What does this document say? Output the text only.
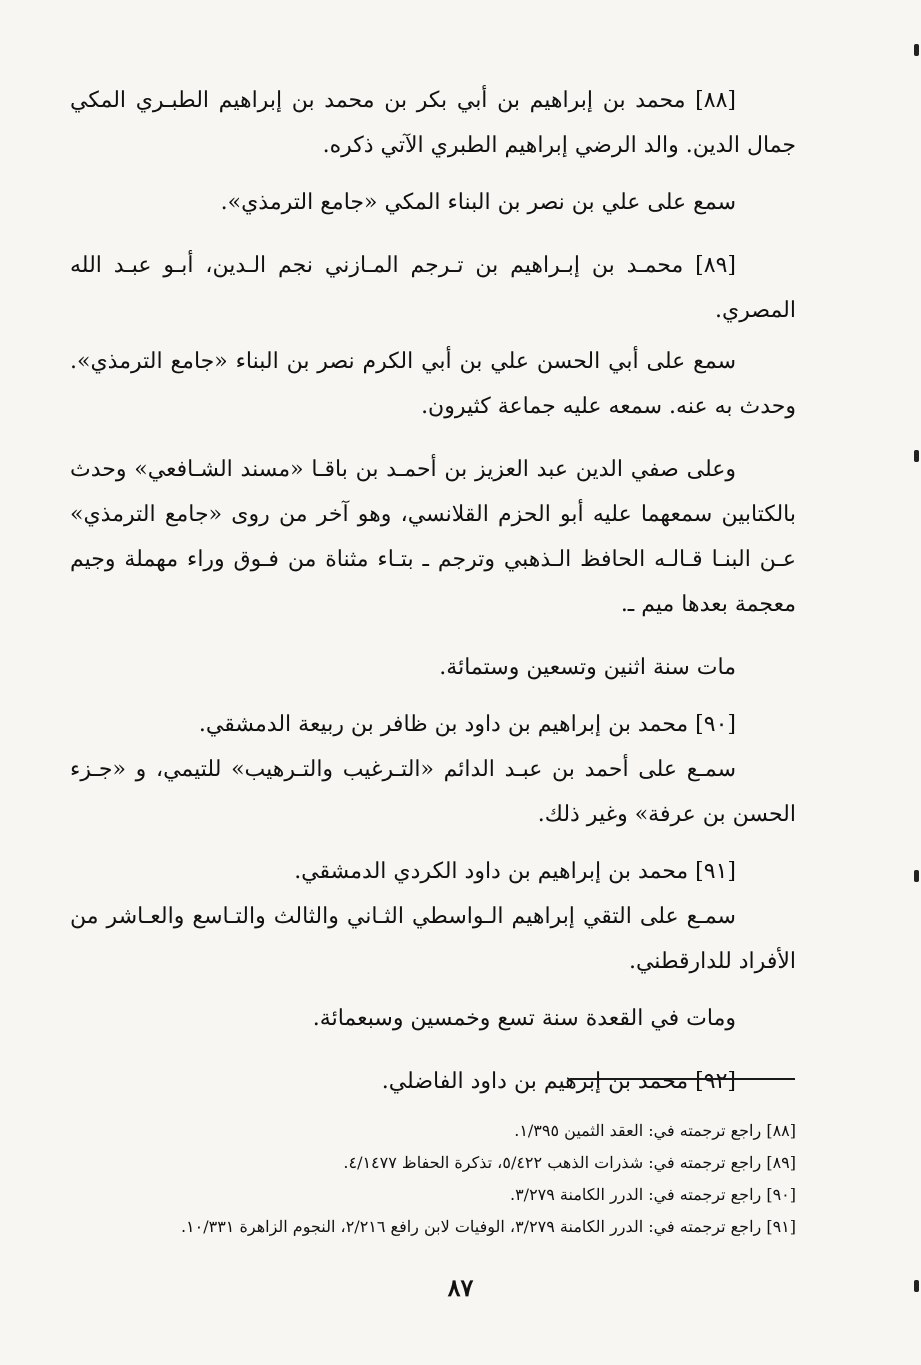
[٨٨] محمد بن إبراهيم بن أبي بكر بن محمد بن إبراهيم الطبـري المكي جمال الدين. والد الرضي إبراهيم الطبري الآتي ذكره.

سمع على علي بن نصر بن البناء المكي «جامع الترمذي».

[٨٩] محمـد بن إبـراهيم بن تـرجم المـازني نجم الـدين، أبـو عبـد الله المصري.

سمع على أبي الحسن علي بن أبي الكرم نصر بن البناء «جامع الترمذي». وحدث به عنه. سمعه عليه جماعة كثيرون.

وعلى صفي الدين عبد العزيز بن أحمـد بن باقـا «مسند الشـافعي» وحدث بالكتابين سمعهما عليه أبو الحزم القلانسي، وهو آخر من روى «جامع الترمذي» عـن البنـا قـالـه الحافظ الـذهبي وترجم ـ بتـاء مثناة من فـوق وراء مهملة وجيم معجمة بعدها ميم ـ.

مات سنة اثنين وتسعين وستمائة.

[٩٠] محمد بن إبراهيم بن داود بن ظافر بن ربيعة الدمشقي.

سمـع على أحمد بن عبـد الدائم «التـرغيب والتـرهيب» للتيمي، و «جـزء الحسن بن عرفة» وغير ذلك.

[٩١] محمد بن إبراهيم بن داود الكردي الدمشقي.

سمـع على التقي إبراهيم الـواسطي الثـاني والثالث والتـاسع والعـاشر من الأفراد للدارقطني.

ومات في القعدة سنة تسع وخمسين وسبعمائة.

[٩٢] محمد بن إبرهيم بن داود الفاضلي.

[٨٨] راجع ترجمته في: العقد الثمين ١/٣٩٥.

[٨٩] راجع ترجمته في: شذرات الذهب ٥/٤٢٢، تذكرة الحفاظ ٤/١٤٧٧.

[٩٠] راجع ترجمته في: الدرر الكامنة ٣/٢٧٩.

[٩١] راجع ترجمته في: الدرر الكامنة ٣/٢٧٩، الوفيات لابن رافع ٢/٢١٦، النجوم الزاهرة ١٠/٣٣١.

٨٧
